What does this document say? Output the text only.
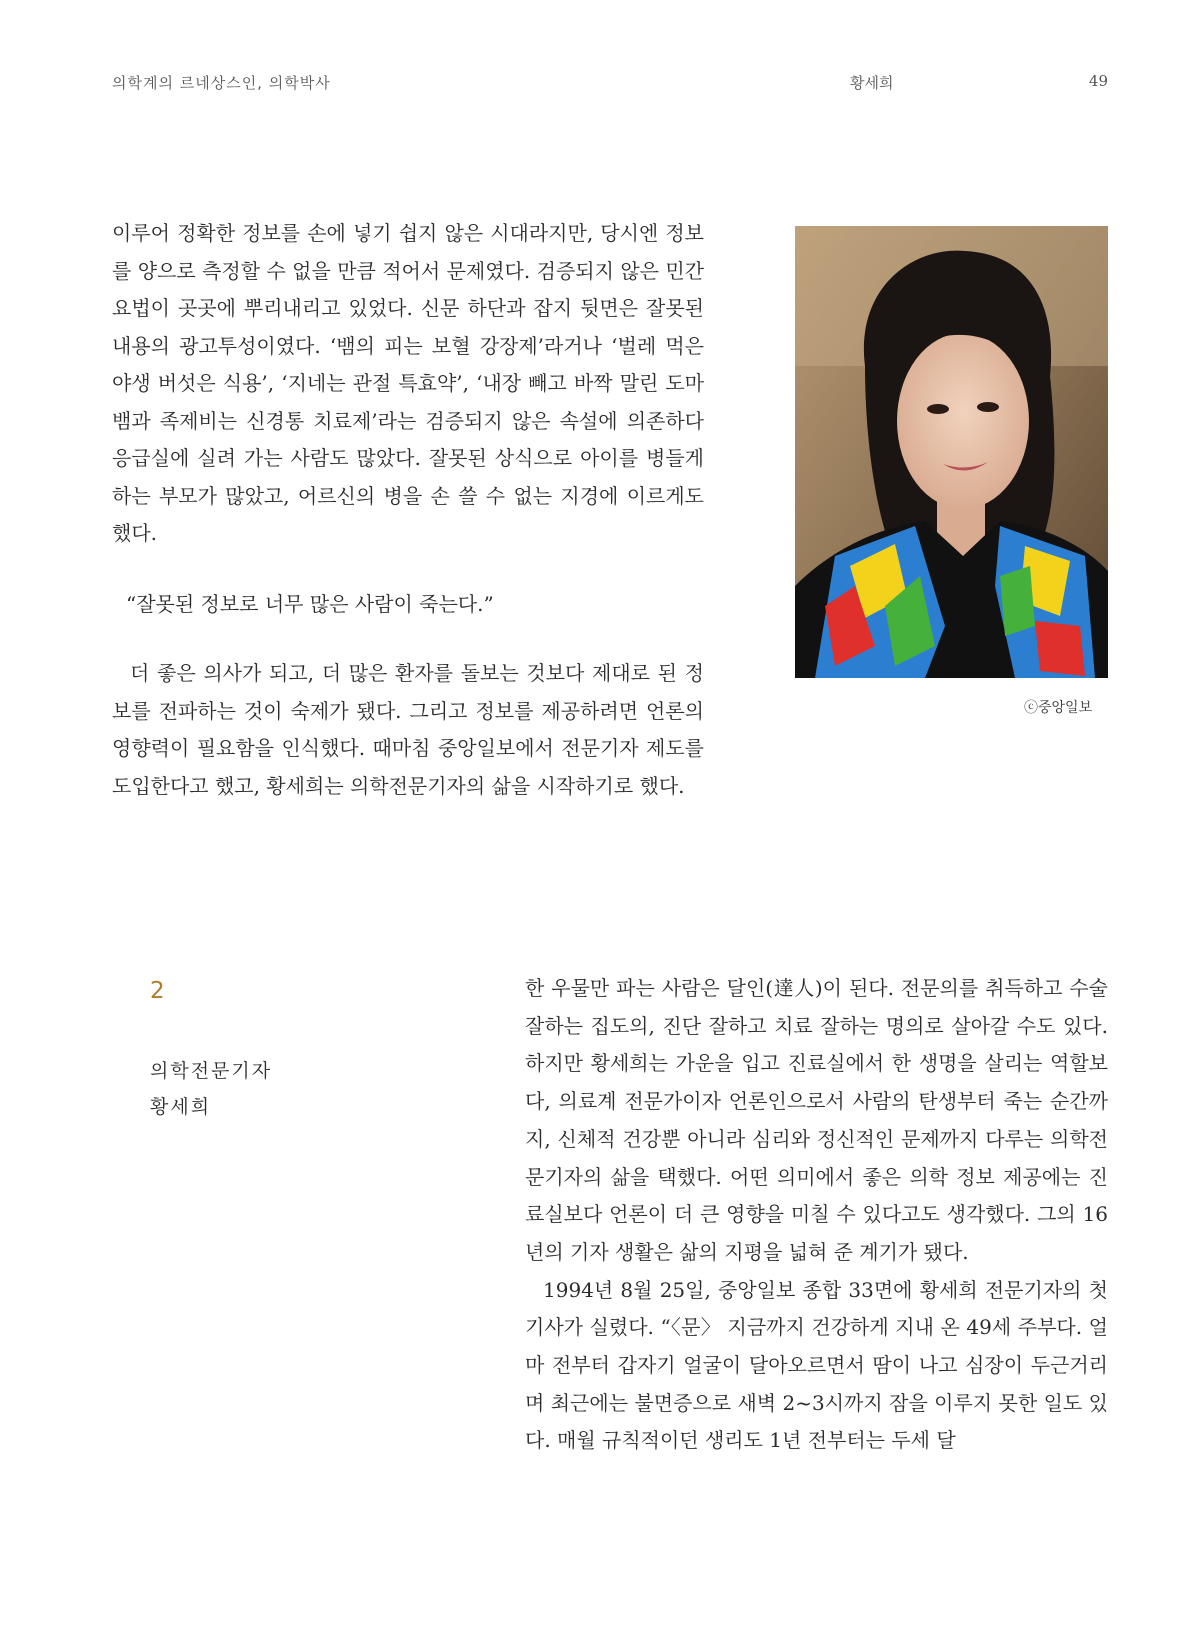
의학계의 르네상스인, 의학박사	황세희	49

이루어 정확한 정보를 손에 넣기 쉽지 않은 시대라지만, 당시엔 정보를 양으로 측정할 수 없을 만큼 적어서 문제였다. 검증되지 않은 민간요법이 곳곳에 뿌리내리고 있었다. 신문 하단과 잡지 뒷면은 잘못된 내용의 광고투성이였다. ‘뱀의 피는 보혈 강장제’라거나 ‘벌레 먹은 야생 버섯은 식용’, ‘지네는 관절 특효약’, ‘내장 빼고 바짝 말린 도마뱀과 족제비는 신경통 치료제’라는 검증되지 않은 속설에 의존하다 응급실에 실려 가는 사람도 많았다. 잘못된 상식으로 아이를 병들게 하는 부모가 많았고, 어르신의 병을 손 쓸 수 없는 지경에 이르게도 했다.

“잘못된 정보로 너무 많은 사람이 죽는다.”

더 좋은 의사가 되고, 더 많은 환자를 돌보는 것보다 제대로 된 정보를 전파하는 것이 숙제가 됐다. 그리고 정보를 제공하려면 언론의 영향력이 필요함을 인식했다. 때마침 중앙일보에서 전문기자 제도를 도입한다고 했고, 황세희는 의학전문기자의 삶을 시작하기로 했다.

ⓒ중앙일보
2
의학전문기자
황세희

한 우물만 파는 사람은 달인(達人)이 된다. 전문의를 취득하고 수술 잘하는 집도의, 진단 잘하고 치료 잘하는 명의로 살아갈 수도 있다. 하지만 황세희는 가운을 입고 진료실에서 한 생명을 살리는 역할보다, 의료계 전문가이자 언론인으로서 사람의 탄생부터 죽는 순간까지, 신체적 건강뿐 아니라 심리와 정신적인 문제까지 다루는 의학전문기자의 삶을 택했다. 어떤 의미에서 좋은 의학 정보 제공에는 진료실보다 언론이 더 큰 영향을 미칠 수 있다고도 생각했다. 그의 16년의 기자 생활은 삶의 지평을 넓혀 준 계기가 됐다.

1994년 8월 25일, 중앙일보 종합 33면에 황세희 전문기자의 첫 기사가 실렸다. “〈문〉 지금까지 건강하게 지내 온 49세 주부다. 얼마 전부터 갑자기 얼굴이 달아오르면서 땀이 나고 심장이 두근거리며 최근에는 불면증으로 새벽 2~3시까지 잠을 이루지 못한 일도 있다. 매월 규칙적이던 생리도 1년 전부터는 두세 달
